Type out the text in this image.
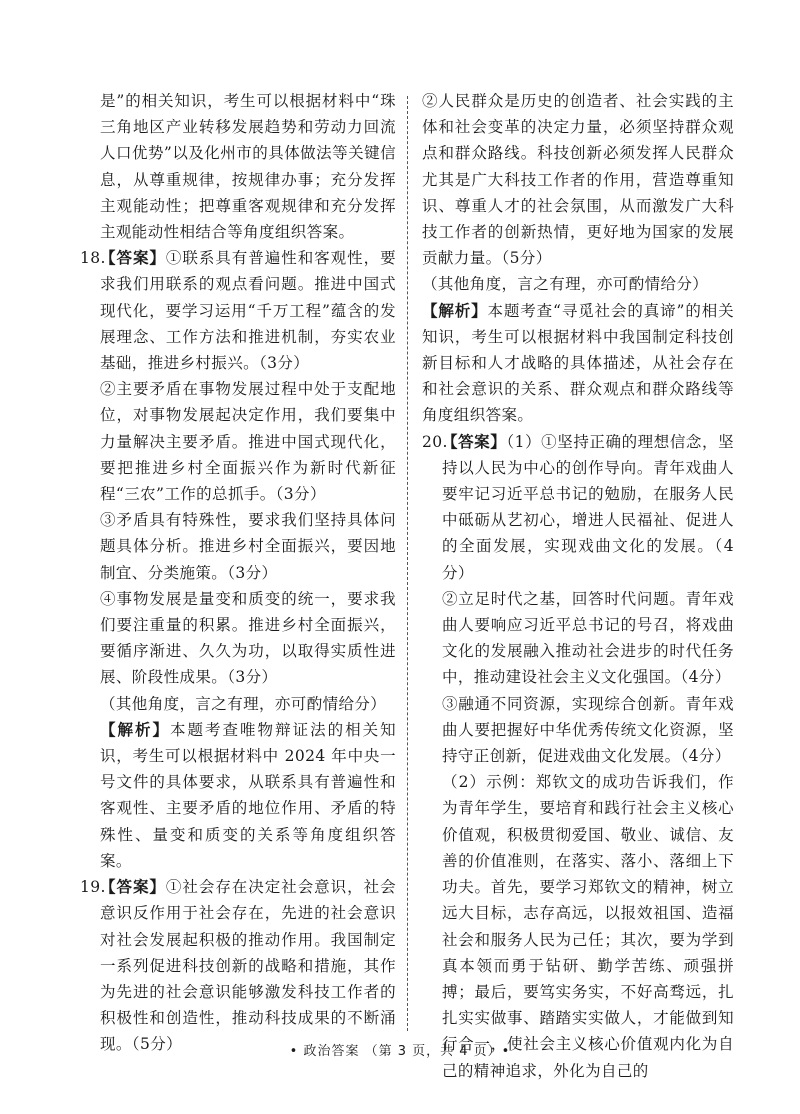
是”的相关知识，考生可以根据材料中“珠三角地区产业转移发展趋势和劳动力回流人口优势”以及化州市的具体做法等关键信息，从尊重规律，按规律办事；充分发挥主观能动性；把尊重客观规律和充分发挥主观能动性相结合等角度组织答案。

18.
【答案】①联系具有普遍性和客观性，要求我们用联系的观点看问题。推进中国式现代化，要学习运用“千万工程”蕴含的发展理念、工作方法和推进机制，夯实农业基础，推进乡村振兴。（3分）

②主要矛盾在事物发展过程中处于支配地位，对事物发展起决定作用，我们要集中力量解决主要矛盾。推进中国式现代化，要把推进乡村全面振兴作为新时代新征程“三农”工作的总抓手。（3分）

③矛盾具有特殊性，要求我们坚持具体问题具体分析。推进乡村全面振兴，要因地制宜、分类施策。（3分）

④事物发展是量变和质变的统一，要求我们要注重量的积累。推进乡村全面振兴，要循序渐进、久久为功，以取得实质性进展、阶段性成果。（3分）

（其他角度，言之有理，亦可酌情给分）

【解析】本题考查唯物辩证法的相关知识，考生可以根据材料中 2024 年中央一号文件的具体要求，从联系具有普遍性和客观性、主要矛盾的地位作用、矛盾的特殊性、量变和质变的关系等角度组织答案。

19.
【答案】①社会存在决定社会意识，社会意识反作用于社会存在，先进的社会意识对社会发展起积极的推动作用。我国制定一系列促进科技创新的战略和措施，其作为先进的社会意识能够激发科技工作者的积极性和创造性，推动科技成果的不断涌现。（5分）

②人民群众是历史的创造者、社会实践的主体和社会变革的决定力量，必须坚持群众观点和群众路线。科技创新必须发挥人民群众尤其是广大科技工作者的作用，营造尊重知识、尊重人才的社会氛围，从而激发广大科技工作者的创新热情，更好地为国家的发展贡献力量。（5分）

（其他角度，言之有理，亦可酌情给分）

【解析】本题考查“寻觅社会的真谛”的相关知识，考生可以根据材料中我国制定科技创新目标和人才战略的具体描述，从社会存在和社会意识的关系、群众观点和群众路线等角度组织答案。

20.
【答案】（1）①坚持正确的理想信念，坚持以人民为中心的创作导向。青年戏曲人要牢记习近平总书记的勉励，在服务人民中砥砺从艺初心，增进人民福祉、促进人的全面发展，实现戏曲文化的发展。（4分）

②立足时代之基，回答时代问题。青年戏曲人要响应习近平总书记的号召，将戏曲文化的发展融入推动社会进步的时代任务中，推动建设社会主义文化强国。（4分）

③融通不同资源，实现综合创新。青年戏曲人要把握好中华优秀传统文化资源，坚持守正创新，促进戏曲文化发展。（4分）

（2）示例：郑钦文的成功告诉我们，作为青年学生，要培育和践行社会主义核心价值观，积极贯彻爱国、敬业、诚信、友善的价值准则，在落实、落小、落细上下功夫。首先，要学习郑钦文的精神，树立远大目标，志存高远，以报效祖国、造福社会和服务人民为己任；其次，要为学到真本领而勇于钻研、勤学苦练、顽强拼搏；最后，要笃实务实，不好高骛远，扎扎实实做事、踏踏实实做人，才能做到知行合一，使社会主义核心价值观内化为自己的精神追求，外化为自己的

• 政治答案 （第 3 页，共 4 页）•
